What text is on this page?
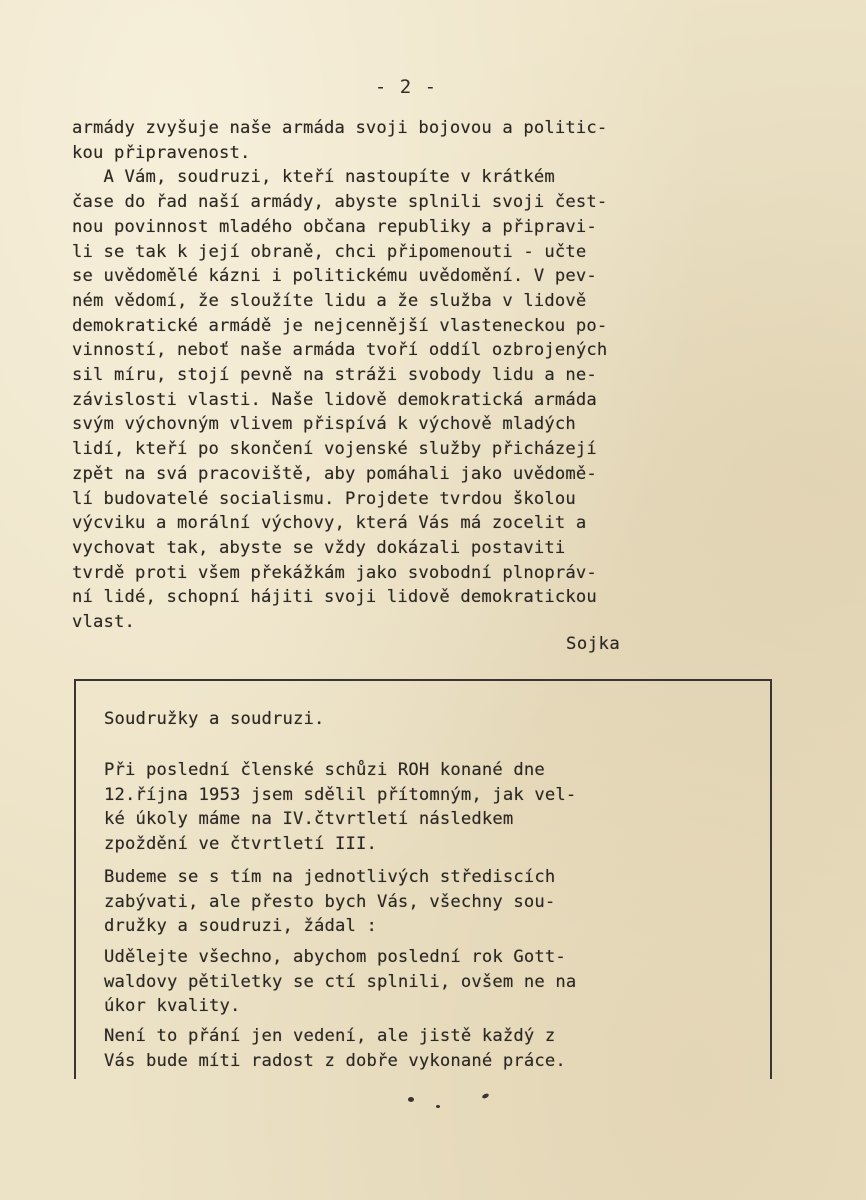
- 2 -
armády zvyšuje naše armáda svoji bojovou a politic-
kou připravenost.
A Vám, soudruzi, kteří nastoupíte v krátkém
čase do řad naší armády, abyste splnili svoji čest-
nou povinnost mladého občana republiky a připravi-
li se tak k její obraně, chci připomenouti - učte
se uvědomělé kázni i politickému uvědomění. V pev-
ném vědomí, že sloužíte lidu a že služba v lidově
demokratické armádě je nejcennější vlasteneckou po-
vinností, neboť naše armáda tvoří oddíl ozbrojených
sil míru, stojí pevně na stráži svobody lidu a ne-
závislosti vlasti. Naše lidově demokratická armáda
svým výchovným vlivem přispívá k výchově mladých
lidí, kteří po skončení vojenské služby přicházejí
zpět na svá pracoviště, aby pomáhali jako uvědomě-
lí budovatelé socialismu. Projdete tvrdou školou
výcviku a morální výchovy, která Vás má zocelit a
vychovat tak, abyste se vždy dokázali postaviti
tvrdě proti všem překážkám jako svobodní plnopráv-
ní lidé, schopní hájiti svoji lidově demokratickou
vlast.
Sojka
Soudružky a soudruzi.
Při poslední členské schůzi ROH konané dne
12.října 1953 jsem sdělil přítomným, jak vel-
ké úkoly máme na IV.čtvrtletí následkem
zpoždění ve čtvrtletí III.
Budeme se s tím na jednotlivých střediscích
zabývati, ale přesto bych Vás, všechny sou-
družky a soudruzi, žádal :
Udělejte všechno, abychom poslední rok Gott-
waldovy pětiletky se ctí splnili, ovšem ne na
úkor kvality.
Není to přání jen vedení, ale jistě každý z
Vás bude míti radost z dobře vykonané práce.
